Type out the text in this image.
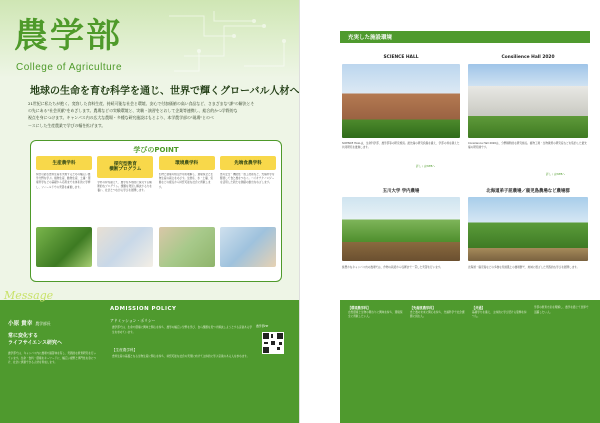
農学部
College of Agriculture
地球の生命を育む科学を通じ、世界で輝くグローバル人材へ
21世紀に私たちが抱く、変容した食料生産、持続可能な社会と環境、安心で付加価値の高い食品など、さまざまな"課"の解決とそ
の先にある"社会貢献"をめざします。農場などの実験環境と、実験・演習をとおして企業等連携し、総合的かつ学際的な
視点を身につけます。キャンパス内の広大な農場・多種な研究施設はもとより、本学農学部の"現場"とのベ
ースにした生産農業で学びの幅を拡げます。
学びのPOINT
生産農学科
持続可能な食料生産を実現するための幅広い農学分野を学ぶ。植物生産、動物生産、土壌・環境科学などの基礎から応用までを体系的に学修し、フィールドでの実習を重視します。
探究型教育
横断プログラム
学科の枠を超えて、農学を多角的に探究する横断的なプログラム。課題を発見し解決する力を養い、社会とつながる学びを展開します。
環境農学科
生物と環境の相互作用を理解し、環境保全と生物生産の両立をめざす。生態系、水・土壌、気候などの視点から持続可能な社会に貢献します。
先端食農学科
食の安全・機能性・加工技術など、先端科学を駆使して食と農をつなぐ。バイオテクノロジーを活用した新たな価値の創出をめざします。
Message
小原 貴幸 農学部長
常に変化する
ライフサイエンス研究へ
農学部では、キャンパス内に農場や演習林を有し、実践的な教育研究を行っています。生命・食料・環境をキーワードに、幅広い視野と専門性を身につけ、社会に貢献できる人材を育成します。
ADMISSION POLICY
アドミッション・ポリシー
農学部では、生命や環境に興味と関心を持ち、農学の幅広い分野を学び、自ら課題を見つけ解決しようとする意欲ある学生を求めています。
【生産農学科】
食料生産の基盤となる生物生産に関心を持ち、持続可能な社会の実現に向けて主体的に学ぶ意欲のある人を求めます。
農学部HP
充実した施設環境
SCIENCE HALL	Consilience Hall 2020
SCIENCE HALLは、生命科学部、農学部等の研究施設。最先端の研究設備を備え、学部の枠を越えた共同研究を推進します。
Consilience Hall 2020は、分野横断的な研究拠点。植物工場・生物資源の研究室などを集約した最先端の研究棟です。
詳しくはWEBへ
詳しくはWEBへ
玉川大学 学内農場	北海道弟子屈農場／鹿児島農場など農場群
緑豊かなキャンパス内の農場では、作物の栽培から収穫まで一貫した実習を行います。	北海道・鹿児島などの多様な気候風土の農場群で、地域に根ざした実践的な学びを展開します。
【環境農学科】
自然環境と生物の関わりに興味を持ち、環境保全に貢献したい人。
【先端食農学科】
食と農の未来に関心を持ち、先端科学で社会課題に挑む人。
【共通】
基礎学力を備え、主体的に学び続ける姿勢を持つ人。
学部の教育方針を理解し、農学を通じて世界で活躍したい人。
